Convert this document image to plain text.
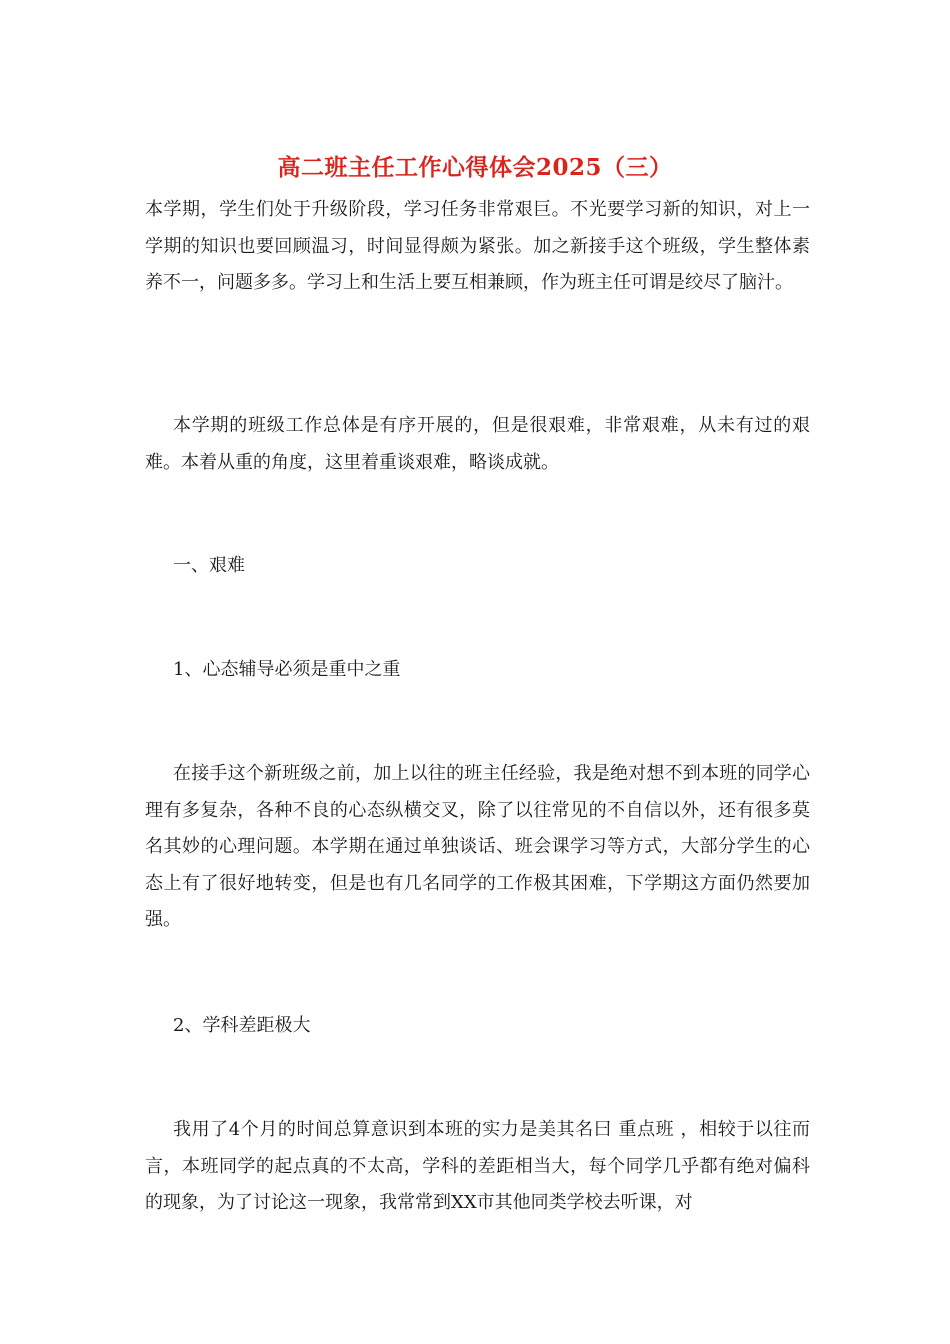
高二班主任工作心得体会2025（三）

本学期，学生们处于升级阶段，学习任务非常艰巨。不光要学习新的知识，对上一学期的知识也要回顾温习，时间显得颇为紧张。加之新接手这个班级，学生整体素养不一，问题多多。学习上和生活上要互相兼顾，作为班主任可谓是绞尽了脑汁。

本学期的班级工作总体是有序开展的，但是很艰难，非常艰难，从未有过的艰难。本着从重的角度，这里着重谈艰难，略谈成就。

一、艰难

1、心态辅导必须是重中之重

在接手这个新班级之前，加上以往的班主任经验，我是绝对想不到本班的同学心理有多复杂，各种不良的心态纵横交叉，除了以往常见的不自信以外，还有很多莫名其妙的心理问题。本学期在通过单独谈话、班会课学习等方式，大部分学生的心态上有了很好地转变，但是也有几名同学的工作极其困难，下学期这方面仍然要加强。

2、学科差距极大

我用了4个月的时间总算意识到本班的实力是美其名曰 重点班 ，相较于以往而言，本班同学的起点真的不太高，学科的差距相当大，每个同学几乎都有绝对偏科的现象，为了讨论这一现象，我常常到XX市其他同类学校去听课，对
